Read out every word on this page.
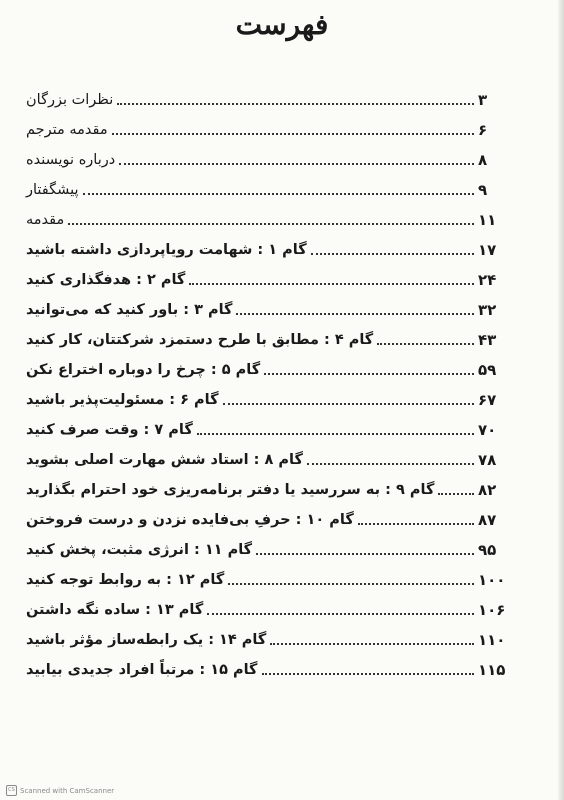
فهرست
نظرات بزرگان	۳
مقدمه مترجم	۶
درباره نویسنده	۸
پیشگفتار	۹
مقدمه	۱۱
گام ۱ : شهامت رویاپردازی داشته باشید	۱۷
گام ۲ : هدفگذاری کنید	۲۴
گام ۳ : باور کنید که می‌توانید	۳۲
گام ۴ : مطابق با طرح دستمزد شرکتتان، کار کنید	۴۳
گام ۵ : چرخ را دوباره اختراع نکن	۵۹
گام ۶ : مسئولیت‌پذیر باشید	۶۷
گام ۷ : وقت صرف کنید	۷۰
گام ۸ : استاد شش مهارت اصلی بشوید	۷۸
گام ۹ : به سررسید یا دفتر برنامه‌ریزی خود احترام بگذارید	۸۲
گام ۱۰ : حرفِ بی‌فایده نزدن و درست فروختن	۸۷
گام ۱۱ : انرژی مثبت، پخش کنید	۹۵
گام ۱۲ : به روابط توجه کنید	۱۰۰
گام ۱۳ : ساده نگه داشتن	۱۰۶
گام ۱۴ : یک رابطه‌ساز مؤثر باشید	۱۱۰
گام ۱۵ : مرتباً افراد جدیدی بیابید	۱۱۵
CS Scanned with CamScanner
